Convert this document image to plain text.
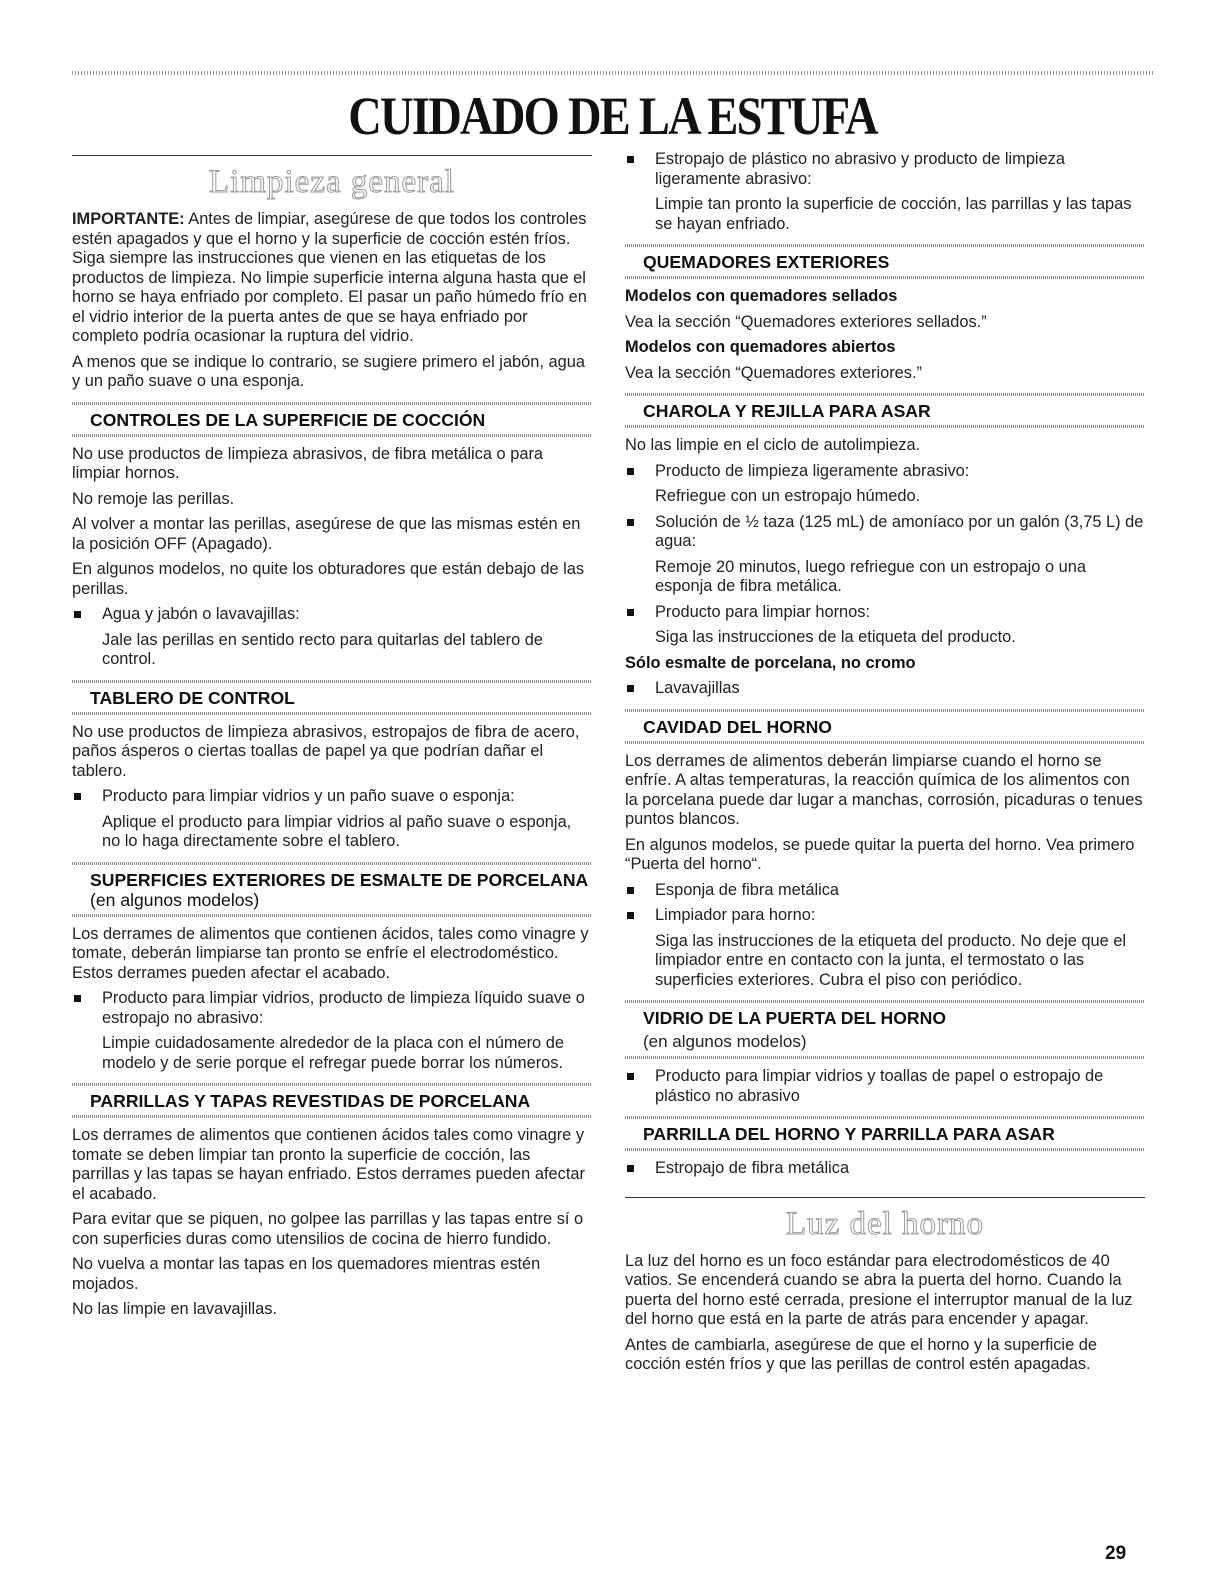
CUIDADO DE LA ESTUFA
Limpieza general

IMPORTANTE: Antes de limpiar, asegúrese de que todos los controles estén apagados y que el horno y la superficie de cocción estén fríos. Siga siempre las instrucciones que vienen en las etiquetas de los productos de limpieza. No limpie superficie interna alguna hasta que el horno se haya enfriado por completo. El pasar un paño húmedo frío en el vidrio interior de la puerta antes de que se haya enfriado por completo podría ocasionar la ruptura del vidrio.

A menos que se indique lo contrario, se sugiere primero el jabón, agua y un paño suave o una esponja.

CONTROLES DE LA SUPERFICIE DE COCCIÓN

No use productos de limpieza abrasivos, de fibra metálica o para limpiar hornos.

No remoje las perillas.

Al volver a montar las perillas, asegúrese de que las mismas estén en la posición OFF (Apagado).

En algunos modelos, no quite los obturadores que están debajo de las perillas.

Agua y jabón o lavavajillas:
Jale las perillas en sentido recto para quitarlas del tablero de control.
TABLERO DE CONTROL

No use productos de limpieza abrasivos, estropajos de fibra de acero, paños ásperos o ciertas toallas de papel ya que podrían dañar el tablero.

Producto para limpiar vidrios y un paño suave o esponja:
Aplique el producto para limpiar vidrios al paño suave o esponja, no lo haga directamente sobre el tablero.
SUPERFICIES EXTERIORES DE ESMALTE DE PORCELANA (en algunos modelos)

Los derrames de alimentos que contienen ácidos, tales como vinagre y tomate, deberán limpiarse tan pronto se enfríe el electrodoméstico. Estos derrames pueden afectar el acabado.

Producto para limpiar vidrios, producto de limpieza líquido suave o estropajo no abrasivo:
Limpie cuidadosamente alrededor de la placa con el número de modelo y de serie porque el refregar puede borrar los números.
PARRILLAS Y TAPAS REVESTIDAS DE PORCELANA

Los derrames de alimentos que contienen ácidos tales como vinagre y tomate se deben limpiar tan pronto la superficie de cocción, las parrillas y las tapas se hayan enfriado. Estos derrames pueden afectar el acabado.

Para evitar que se piquen, no golpee las parrillas y las tapas entre sí o con superficies duras como utensilios de cocina de hierro fundido.

No vuelva a montar las tapas en los quemadores mientras estén mojados.

No las limpie en lavavajillas.

Estropajo de plástico no abrasivo y producto de limpieza ligeramente abrasivo:
Limpie tan pronto la superficie de cocción, las parrillas y las tapas se hayan enfriado.
QUEMADORES EXTERIORES
Modelos con quemadores sellados

Vea la sección “Quemadores exteriores sellados.”

Modelos con quemadores abiertos

Vea la sección “Quemadores exteriores.”

CHAROLA Y REJILLA PARA ASAR

No las limpie en el ciclo de autolimpieza.

Producto de limpieza ligeramente abrasivo:
Refriegue con un estropajo húmedo.
Solución de ½ taza (125 mL) de amoníaco por un galón (3,75 L) de agua:
Remoje 20 minutos, luego refriegue con un estropajo o una esponja de fibra metálica.
Producto para limpiar hornos:
Siga las instrucciones de la etiqueta del producto.
Sólo esmalte de porcelana, no cromo
Lavavajillas
CAVIDAD DEL HORNO

Los derrames de alimentos deberán limpiarse cuando el horno se enfríe. A altas temperaturas, la reacción química de los alimentos con la porcelana puede dar lugar a manchas, corrosión, picaduras o tenues puntos blancos.

En algunos modelos, se puede quitar la puerta del horno. Vea primero “Puerta del horno“.

Esponja de fibra metálica
Limpiador para horno:
Siga las instrucciones de la etiqueta del producto. No deje que el limpiador entre en contacto con la junta, el termostato o las superficies exteriores. Cubra el piso con periódico.
VIDRIO DE LA PUERTA DEL HORNO
(en algunos modelos)
Producto para limpiar vidrios y toallas de papel o estropajo de plástico no abrasivo
PARRILLA DEL HORNO Y PARRILLA PARA ASAR
Estropajo de fibra metálica
Luz del horno

La luz del horno es un foco estándar para electrodomésticos de 40 vatios. Se encenderá cuando se abra la puerta del horno. Cuando la puerta del horno esté cerrada, presione el interruptor manual de la luz del horno que está en la parte de atrás para encender y apagar.

Antes de cambiarla, asegúrese de que el horno y la superficie de cocción estén fríos y que las perillas de control estén apagadas.

29
